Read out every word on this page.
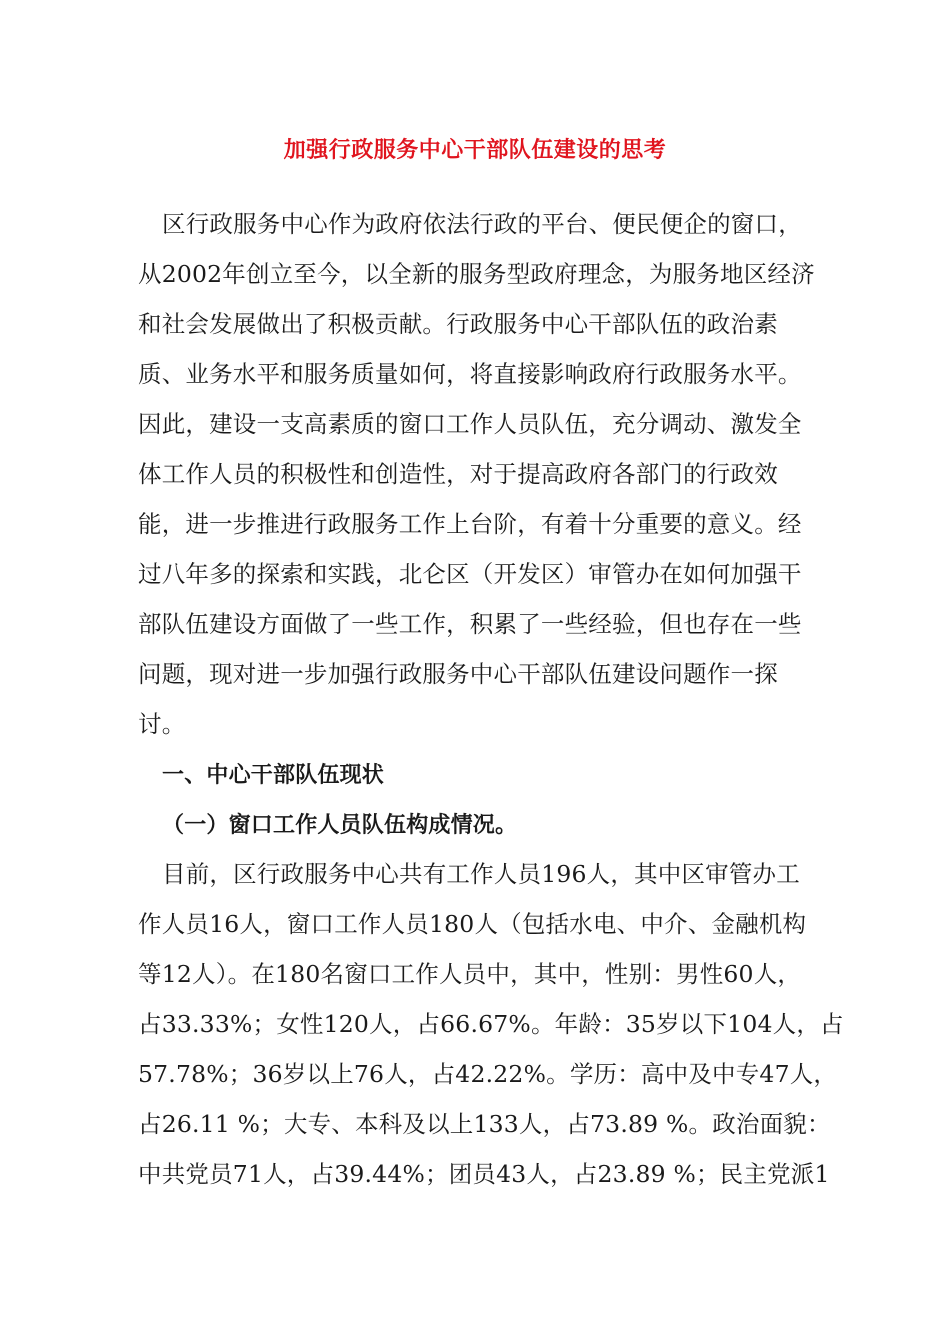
加强行政服务中心干部队伍建设的思考
区行政服务中心作为政府依法行政的平台、便民便企的窗口，
从2002年创立至今，以全新的服务型政府理念，为服务地区经济
和社会发展做出了积极贡献。行政服务中心干部队伍的政治素
质、业务水平和服务质量如何，将直接影响政府行政服务水平。
因此，建设一支高素质的窗口工作人员队伍，充分调动、激发全
体工作人员的积极性和创造性，对于提高政府各部门的行政效
能，进一步推进行政服务工作上台阶，有着十分重要的意义。经
过八年多的探索和实践，北仑区（开发区）审管办在如何加强干
部队伍建设方面做了一些工作，积累了一些经验，但也存在一些
问题，现对进一步加强行政服务中心干部队伍建设问题作一探
讨。
一、中心干部队伍现状
（一）窗口工作人员队伍构成情况。
目前，区行政服务中心共有工作人员196人，其中区审管办工
作人员16人，窗口工作人员180人（包括水电、中介、金融机构
等12人）。在180名窗口工作人员中，其中，性别：男性60人，
占33.33%；女性120人，占66.67%。年龄：35岁以下104人，占
57.78%；36岁以上76人，占42.22%。学历：高中及中专47人，
占26.11 %；大专、本科及以上133人，占73.89 %。政治面貌：
中共党员71人，占39.44%；团员43人，占23.89 %；民主党派1
